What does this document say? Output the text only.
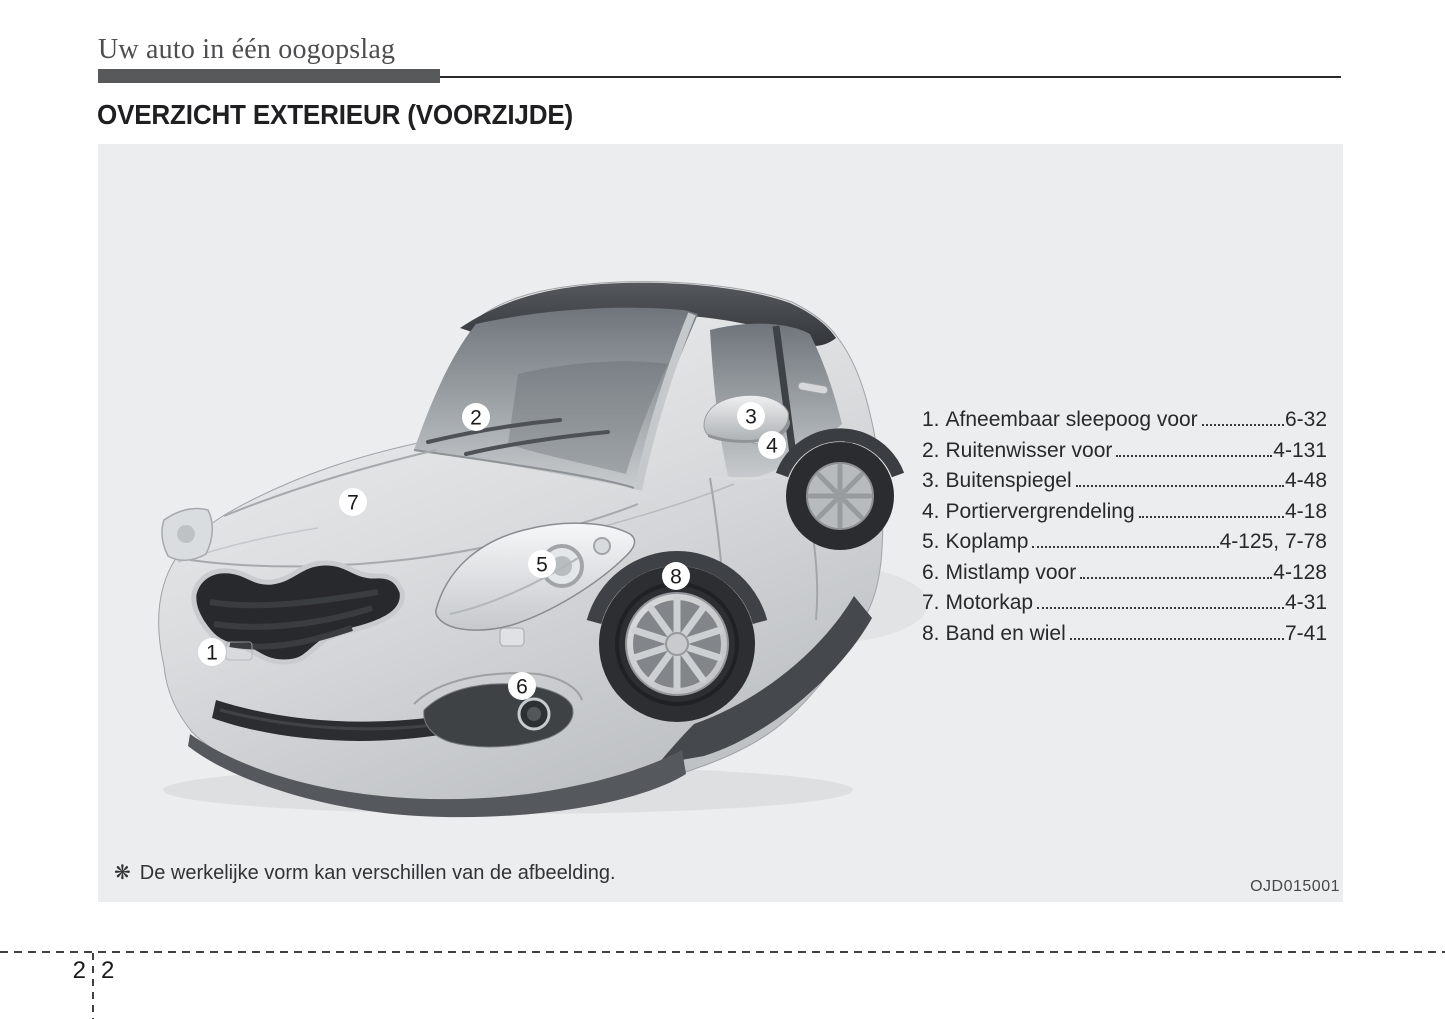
Uw auto in één oogopslag
OVERZICHT EXTERIEUR (VOORZIJDE)
1
2	3
4
5
6
7
8
1. Afneembaar sleepoog voor	6-32
2. Ruitenwisser voor	4-131
3. Buitenspiegel	4-48
4. Portiervergrendeling	4-18
5. Koplamp	4-125, 7-78
6. Mistlamp voor	4-128
7. Motorkap	4-31
8. Band en wiel	7-41
❋ De werkelijke vorm kan verschillen van de afbeelding.
OJD015001
2 2
